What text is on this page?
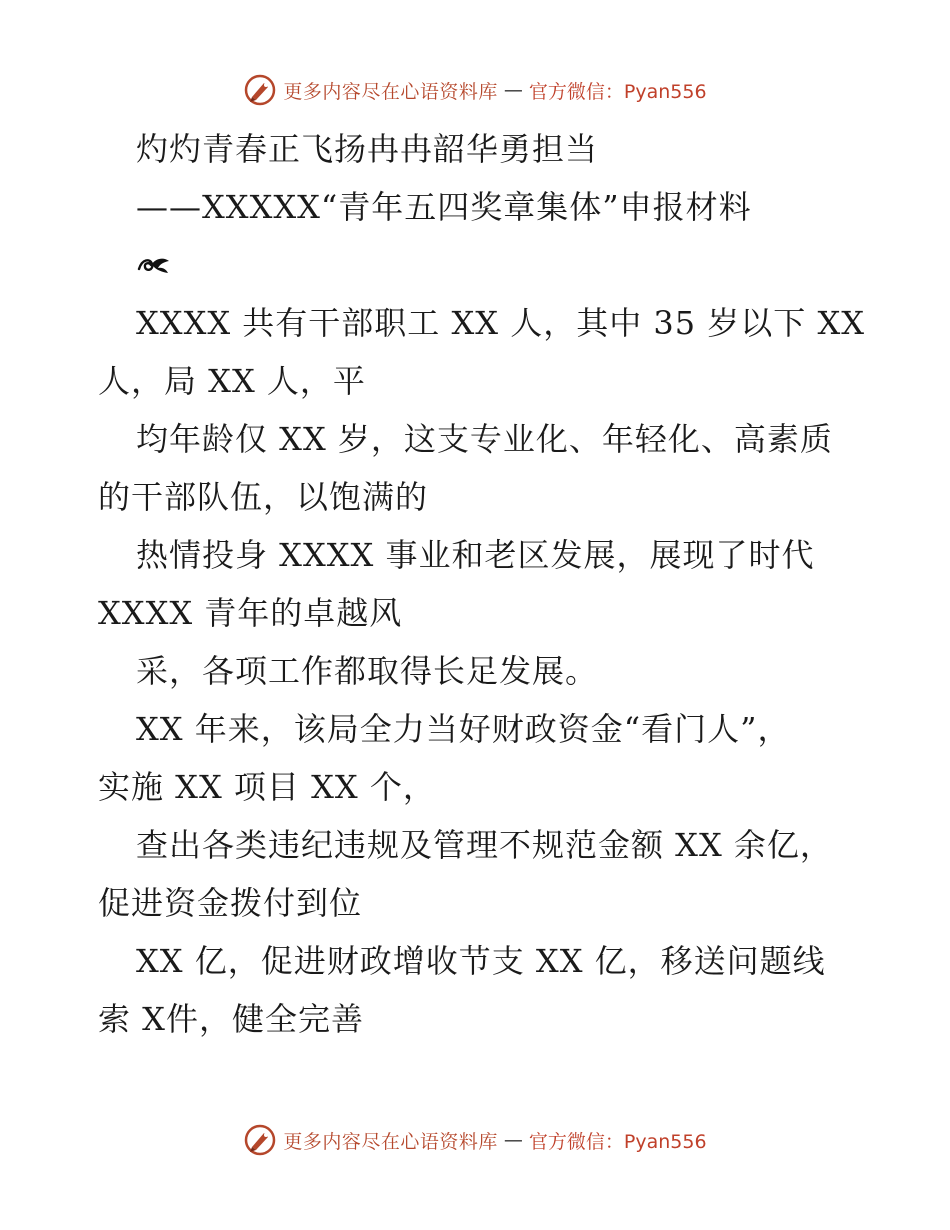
更多内容尽在心语资料库 — 官方微信：Pyan556
灼灼青春正飞扬冉冉韶华勇担当
——XXXXX“青年五四奖章集体”申报材料
XXXX 共有干部职工 XX 人，其中 35 岁以下 XX
人，局 XX 人，平
均年龄仅 XX 岁，这支专业化、年轻化、高素质
的干部队伍，以饱满的
热情投身 XXXX 事业和老区发展，展现了时代
XXXX 青年的卓越风
采，各项工作都取得长足发展。
XX 年来，该局全力当好财政资金“看门人”，
实施 XX 项目 XX 个，
查出各类违纪违规及管理不规范金额 XX 余亿，
促进资金拨付到位
XX 亿，促进财政增收节支 XX 亿，移送问题线
索 X件，健全完善
更多内容尽在心语资料库 — 官方微信：Pyan556
